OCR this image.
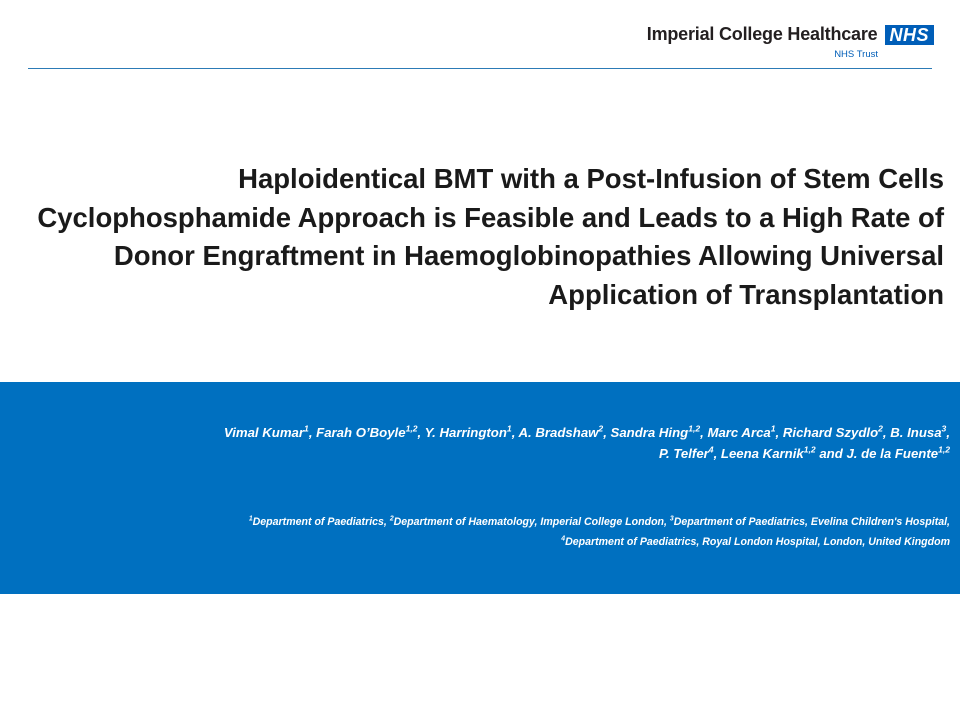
Imperial College Healthcare NHS
NHS Trust
Haploidentical BMT with a Post-Infusion of Stem Cells
Cyclophosphamide Approach is Feasible and Leads to a High Rate of
Donor Engraftment in Haemoglobinopathies Allowing Universal
Application of Transplantation
Vimal Kumar$^1$, Farah O’Boyle$^{1,2}$, Y. Harrington$^1$, A. Bradshaw$^2$, Sandra Hing$^{1,2}$, Marc Arca$^1$, Richard Szydlo$^2$, B. Inusa$^3$,
P. Telfer$^4$, Leena Karnik$^{1,2}$ and J. de la Fuente$^{1,2}$
$^1$Department of Paediatrics, $^2$Department of Haematology, Imperial College London, $^3$Department of Paediatrics, Evelina Children's Hospital,
$^4$Department of Paediatrics, Royal London Hospital, London, United Kingdom
